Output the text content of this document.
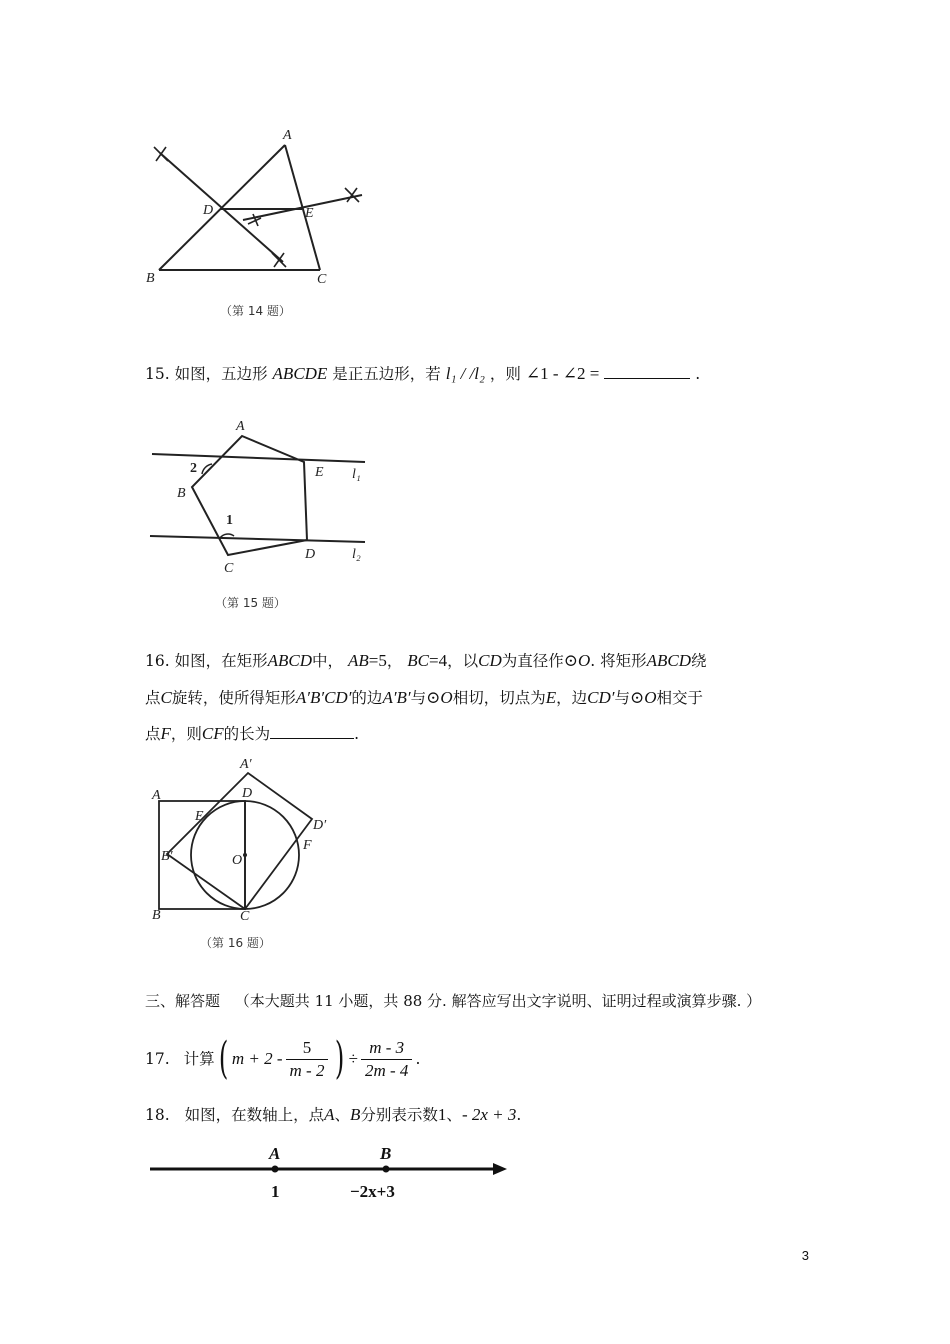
A
B	C
D	E
（第 14 题）
15. 如图，五边形 ABCDE 是正五边形，若 l₁ / /l₂ ，则 ∠1 - ∠2 =	.
A
B
C
D
E
1
2	l₁
l₂
（第 15 题）
16. 如图，在矩形ABCD中， AB=5， BC=4，以CD为直径作⊙O. 将矩形ABCD绕
点C旋转，使所得矩形A′B′CD′的边A′B′与⊙O相切，切点为E，边CD′与⊙O相交于
点F，则CF的长为	.
A
B	C
D
E
F
O
A′
B′
D′
（第 16 题）
三、解答题 （本大题共 11 小题，共 88 分. 解答应写出文字说明、证明过程或演算步骤. ）
17. 计算 ( $m + 2 - \frac{5}{m - 2}$ ) ÷ $\frac{m - 3}{2m - 4}$ .
18. 如图，在数轴上，点A、B分别表示数1、- 2x + 3.
A	B
1	−2x+3
3
